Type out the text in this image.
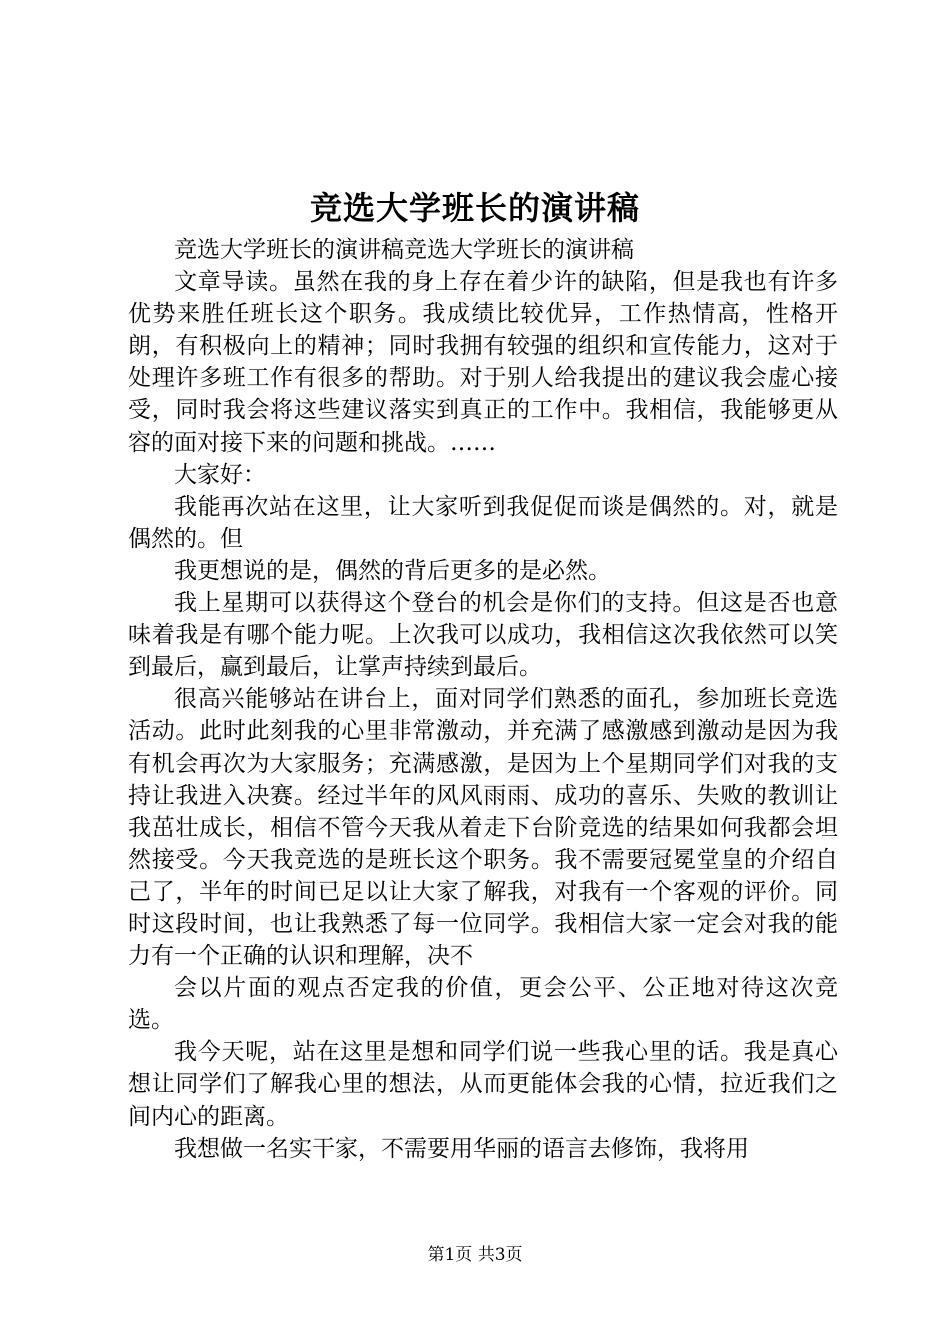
竞选大学班长的演讲稿

竞选大学班长的演讲稿竞选大学班长的演讲稿

文章导读。虽然在我的身上存在着少许的缺陷，但是我也有许多优势来胜任班长这个职务。我成绩比较优异，工作热情高，性格开朗，有积极向上的精神；同时我拥有较强的组织和宣传能力，这对于处理许多班工作有很多的帮助。对于别人给我提出的建议我会虚心接受，同时我会将这些建议落实到真正的工作中。我相信，我能够更从容的面对接下来的问题和挑战。……

大家好：

我能再次站在这里，让大家听到我促促而谈是偶然的。对，就是偶然的。但

我更想说的是，偶然的背后更多的是必然。

我上星期可以获得这个登台的机会是你们的支持。但这是否也意味着我是有哪个能力呢。上次我可以成功，我相信这次我依然可以笑到最后，赢到最后，让掌声持续到最后。

很高兴能够站在讲台上，面对同学们熟悉的面孔，参加班长竞选活动。此时此刻我的心里非常激动，并充满了感激感到激动是因为我有机会再次为大家服务；充满感激，是因为上个星期同学们对我的支持让我进入决赛。经过半年的风风雨雨、成功的喜乐、失败的教训让我茁壮成长，相信不管今天我从着走下台阶竞选的结果如何我都会坦然接受。今天我竞选的是班长这个职务。我不需要冠冕堂皇的介绍自己了，半年的时间已足以让大家了解我，对我有一个客观的评价。同时这段时间，也让我熟悉了每一位同学。我相信大家一定会对我的能力有一个正确的认识和理解，决不

会以片面的观点否定我的价值，更会公平、公正地对待这次竞选。

我今天呢，站在这里是想和同学们说一些我心里的话。我是真心想让同学们了解我心里的想法，从而更能体会我的心情，拉近我们之间内心的距离。

我想做一名实干家，不需要用华丽的语言去修饰，我将用

第1页 共3页
